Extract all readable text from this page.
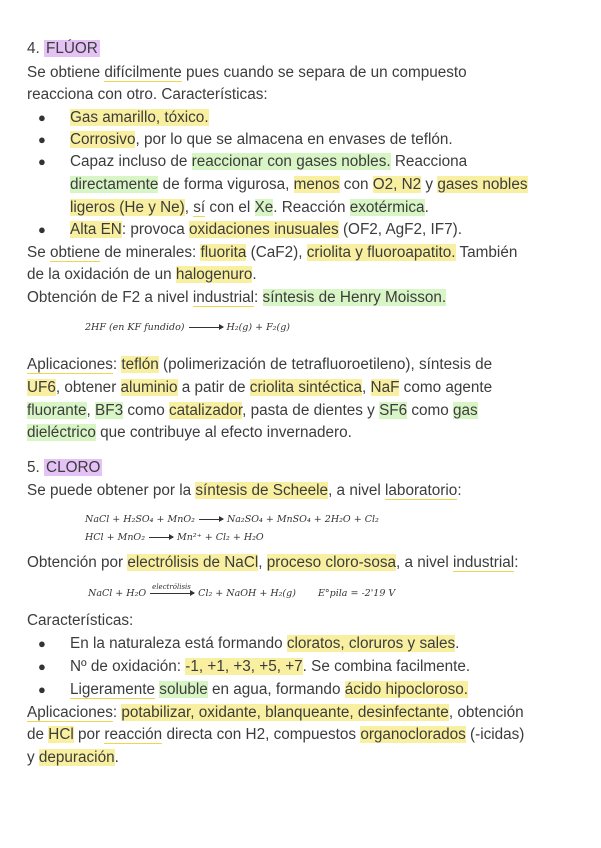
4. FLÚOR
Se obtiene difícilmente pues cuando se separa de un compuesto
reacciona con otro. Características:
● Gas amarillo, tóxico.
● Corrosivo, por lo que se almacena en envases de teflón.
● Capaz incluso de reaccionar con gases nobles. Reacciona
directamente de forma vigurosa, menos con O2, N2 y gases nobles
ligeros (He y Ne), sí con el Xe. Reacción exotérmica.
● Alta EN: provoca oxidaciones inusuales (OF2, AgF2, IF7).
Se obtiene de minerales: fluorita (CaF2), criolita y fluoroapatito. También
de la oxidación de un halogenuro.
Obtención de F2 a nivel industrial: síntesis de Henry Moisson.
2HF (en KF fundido)	H₂(g) + F₂(g)
Aplicaciones: teflón (polimerización de tetrafluoroetileno), síntesis de
UF6, obtener aluminio a patir de criolita sintéctica, NaF como agente
fluorante, BF3 como catalizador, pasta de dientes y SF6 como gas
dieléctrico que contribuye al efecto invernadero.
5. CLORO
Se puede obtener por la síntesis de Scheele, a nivel laboratorio:
NaCl + H₂SO₄ + MnO₂	Na₂SO₄ + MnSO₄ + 2H₂O + Cl₂
HCl + MnO₂	Mn²⁺ + Cl₂ + H₂O
Obtención por electrólisis de NaCl, proceso cloro-sosa, a nivel industrial:
NaCl + H₂O
electrólisis
Cl₂ + NaOH + H₂(g) E°pila = -2'19 V
Características:
● En la naturaleza está formando cloratos, cloruros y sales.
● Nº de oxidación: -1, +1, +3, +5, +7. Se combina facilmente.
● Ligeramente soluble en agua, formando ácido hipocloroso.
Aplicaciones: potabilizar, oxidante, blanqueante, desinfectante, obtención
de HCl por reacción directa con H2, compuestos organoclorados (-icidas)
y depuración.
